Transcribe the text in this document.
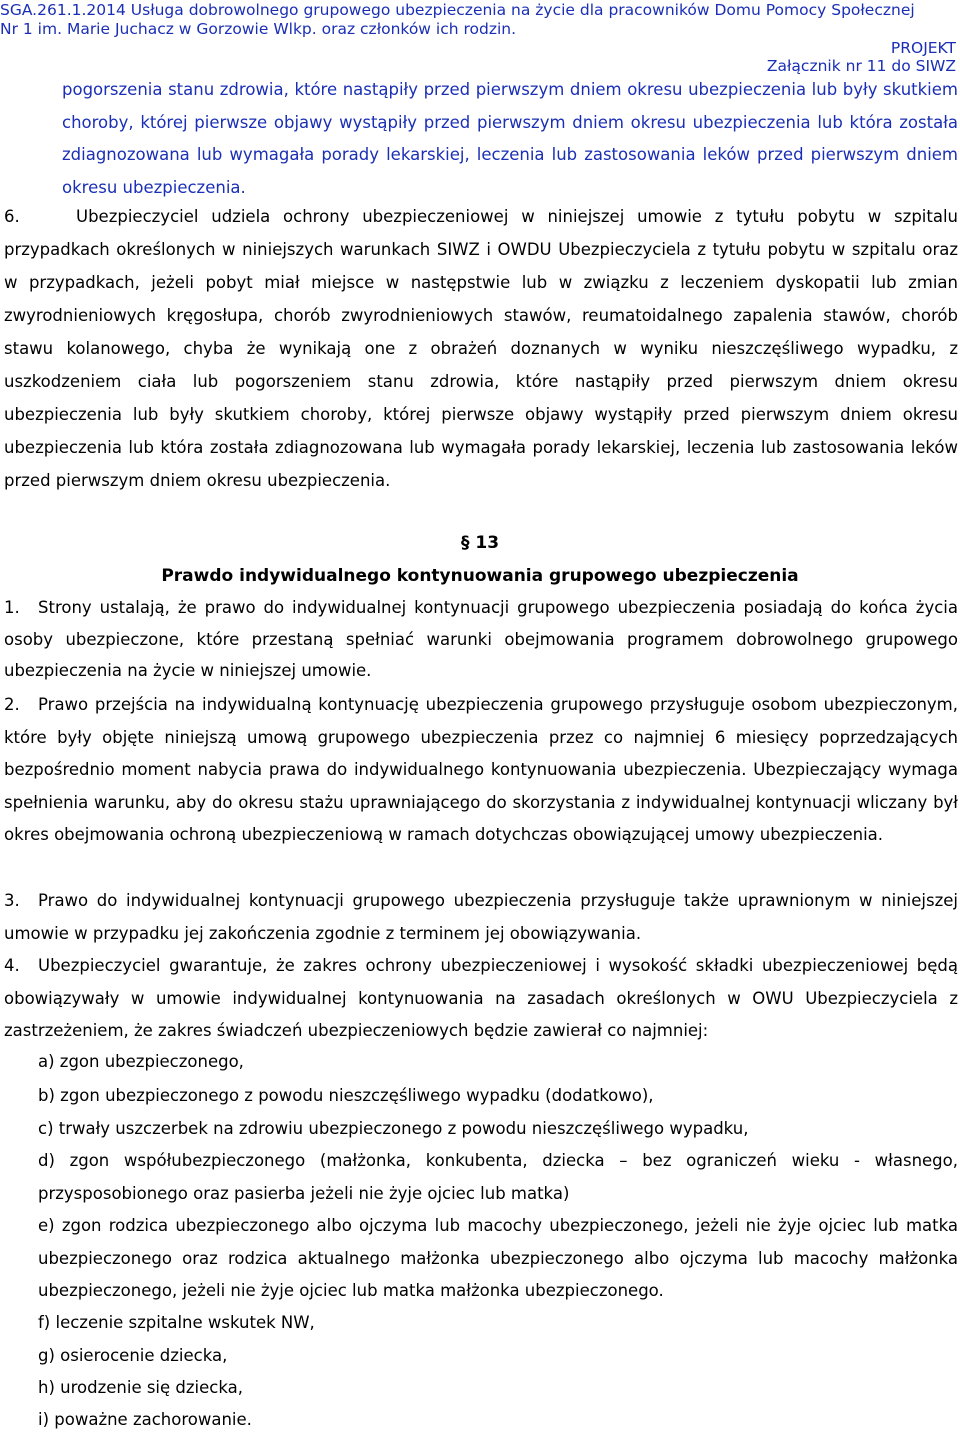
SGA.261.1.2014 Usługa dobrowolnego grupowego ubezpieczenia na życie dla pracowników Domu Pomocy Społecznej

Nr 1 im. Marie Juchacz w Gorzowie Wlkp. oraz członków ich rodzin.

PROJEKT

Załącznik nr 11 do SIWZ

pogorszenia stanu zdrowia, które nastąpiły przed pierwszym dniem okresu ubezpieczenia lub były skutkiem choroby, której pierwsze objawy wystąpiły przed pierwszym dniem okresu ubezpieczenia lub która została zdiagnozowana lub wymagała porady lekarskiej, leczenia lub zastosowania leków przed pierwszym dniem okresu ubezpieczenia.

6.	Ubezpieczyciel udziela ochrony ubezpieczeniowej w niniejszej umowie z tytułu pobytu w szpitalu przypadkach określonych w niniejszych warunkach SIWZ i OWDU Ubezpieczyciela z tytułu pobytu w szpitalu oraz w przypadkach, jeżeli pobyt miał miejsce w następstwie lub w związku z leczeniem dyskopatii lub zmian zwyrodnieniowych kręgosłupa, chorób zwyrodnieniowych stawów, reumatoidalnego zapalenia stawów, chorób stawu kolanowego, chyba że wynikają one z obrażeń doznanych w wyniku nieszczęśliwego wypadku, z uszkodzeniem ciała lub pogorszeniem stanu zdrowia, które nastąpiły przed pierwszym dniem okresu ubezpieczenia lub były skutkiem choroby, której pierwsze objawy wystąpiły przed pierwszym dniem okresu ubezpieczenia lub która została zdiagnozowana lub wymagała porady lekarskiej, leczenia lub zastosowania leków przed pierwszym dniem okresu ubezpieczenia.

§ 13

Prawdo indywidualnego kontynuowania grupowego ubezpieczenia

1. Strony ustalają, że prawo do indywidualnej kontynuacji grupowego ubezpieczenia posiadają do końca życia osoby ubezpieczone, które przestaną spełniać warunki obejmowania programem dobrowolnego grupowego ubezpieczenia na życie w niniejszej umowie.

2. Prawo przejścia na indywidualną kontynuację ubezpieczenia grupowego przysługuje osobom ubezpieczonym, które były objęte niniejszą umową grupowego ubezpieczenia przez co najmniej 6 miesięcy poprzedzających bezpośrednio moment nabycia prawa do indywidualnego kontynuowania ubezpieczenia. Ubezpieczający wymaga spełnienia warunku, aby do okresu stażu uprawniającego do skorzystania z indywidualnej kontynuacji wliczany był okres obejmowania ochroną ubezpieczeniową w ramach dotychczas obowiązującej umowy ubezpieczenia.

3. Prawo do indywidualnej kontynuacji grupowego ubezpieczenia przysługuje także uprawnionym w niniejszej umowie w przypadku jej zakończenia zgodnie z terminem jej obowiązywania.

4. Ubezpieczyciel gwarantuje, że zakres ochrony ubezpieczeniowej i wysokość składki ubezpieczeniowej będą obowiązywały w umowie indywidualnej kontynuowania na zasadach określonych w OWU Ubezpieczyciela z zastrzeżeniem, że zakres świadczeń ubezpieczeniowych będzie zawierał co najmniej:

a) zgon ubezpieczonego,

b) zgon ubezpieczonego z powodu nieszczęśliwego wypadku (dodatkowo),

c) trwały uszczerbek na zdrowiu ubezpieczonego z powodu nieszczęśliwego wypadku,

d) zgon współubezpieczonego (małżonka, konkubenta, dziecka – bez ograniczeń wieku - własnego, przysposobionego oraz pasierba jeżeli nie żyje ojciec lub matka)

e) zgon rodzica ubezpieczonego albo ojczyma lub macochy ubezpieczonego, jeżeli nie żyje ojciec lub matka ubezpieczonego oraz rodzica aktualnego małżonka ubezpieczonego albo ojczyma lub macochy małżonka ubezpieczonego, jeżeli nie żyje ojciec lub matka małżonka ubezpieczonego.

f) leczenie szpitalne wskutek NW,

g) osierocenie dziecka,

h) urodzenie się dziecka,

i) poważne zachorowanie.
